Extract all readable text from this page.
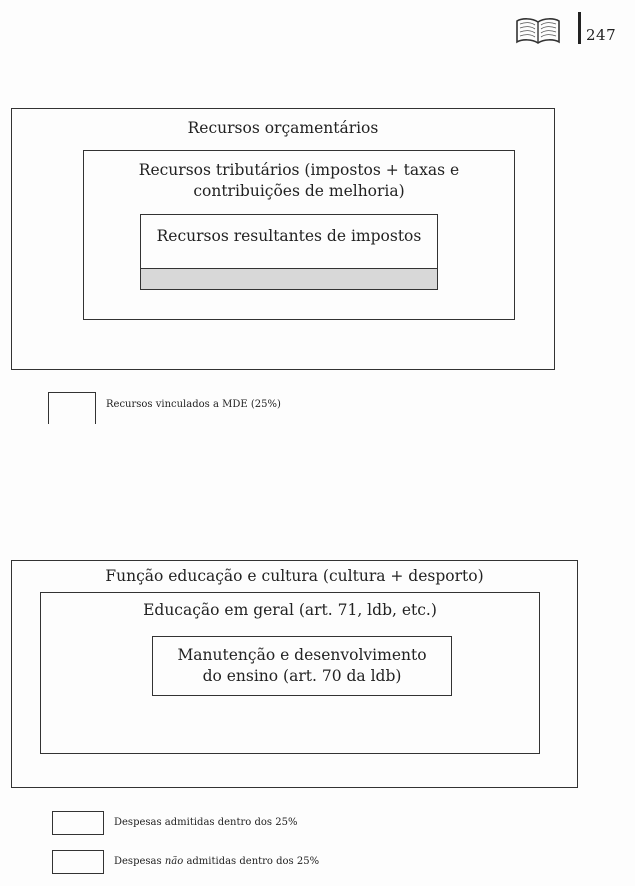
247
Recursos orçamentários
Recursos tributários (impostos + taxas e
contribuições de melhoria)
Recursos resultantes de impostos
Recursos vinculados a MDE (25%)
Função educação e cultura (cultura + desporto)
Educação em geral (art. 71, ldb, etc.)
Manutenção e desenvolvimento
do ensino (art. 70 da ldb)
Despesas admitidas dentro dos 25%
Despesas não admitidas dentro dos 25%
